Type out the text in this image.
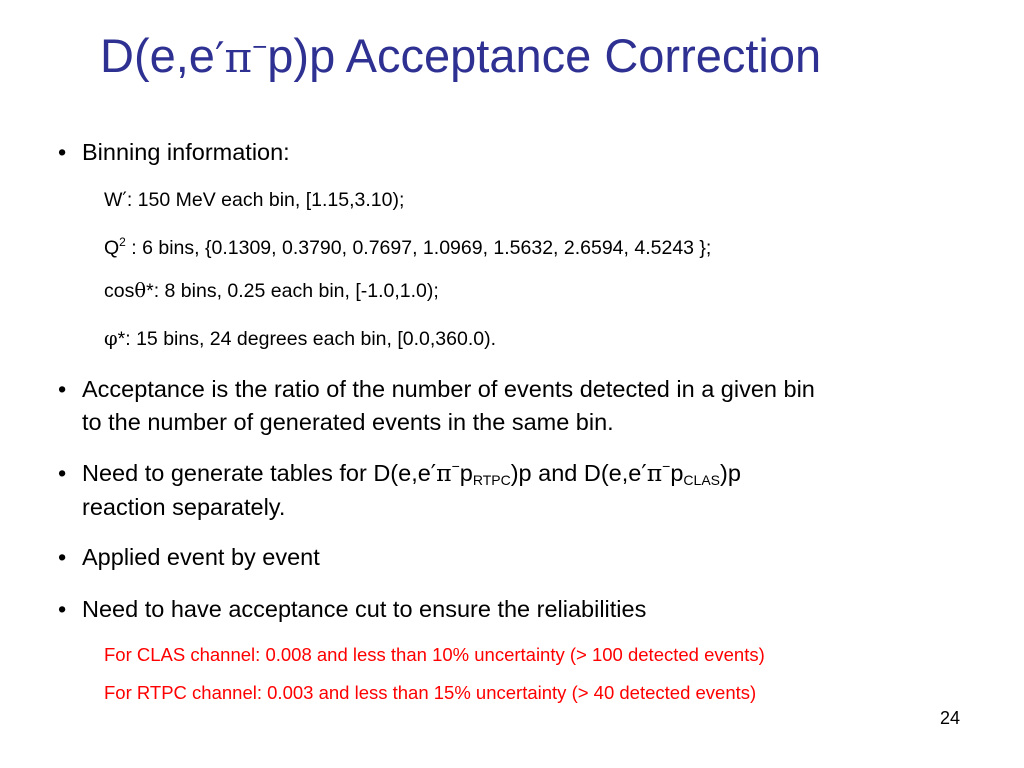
D(e,e′π−p)p Acceptance Correction
• Binning information:
W′: 150 MeV each bin, [1.15,3.10);
$Q^2$ : 6 bins, {0.1309, 0.3790, 0.7697, 1.0969, 1.5632, 2.6594, 4.5243 };
cosθ*: 8 bins, 0.25 each bin, [-1.0,1.0);
φ*: 15 bins, 24 degrees each bin, [0.0,360.0).
• Acceptance is the ratio of the number of events detected in a given bin
to the number of generated events in the same bin.
• Need to generate tables for $D(e,e'\pi^-p_{RTPC})p$ and $D(e,e'\pi^-p_{CLAS})p$
reaction separately.
• Applied event by event
• Need to have acceptance cut to ensure the reliabilities
For CLAS channel: 0.008 and less than 10% uncertainty (> 100 detected events)
For RTPC channel: 0.003 and less than 15% uncertainty (> 40 detected events)
24
